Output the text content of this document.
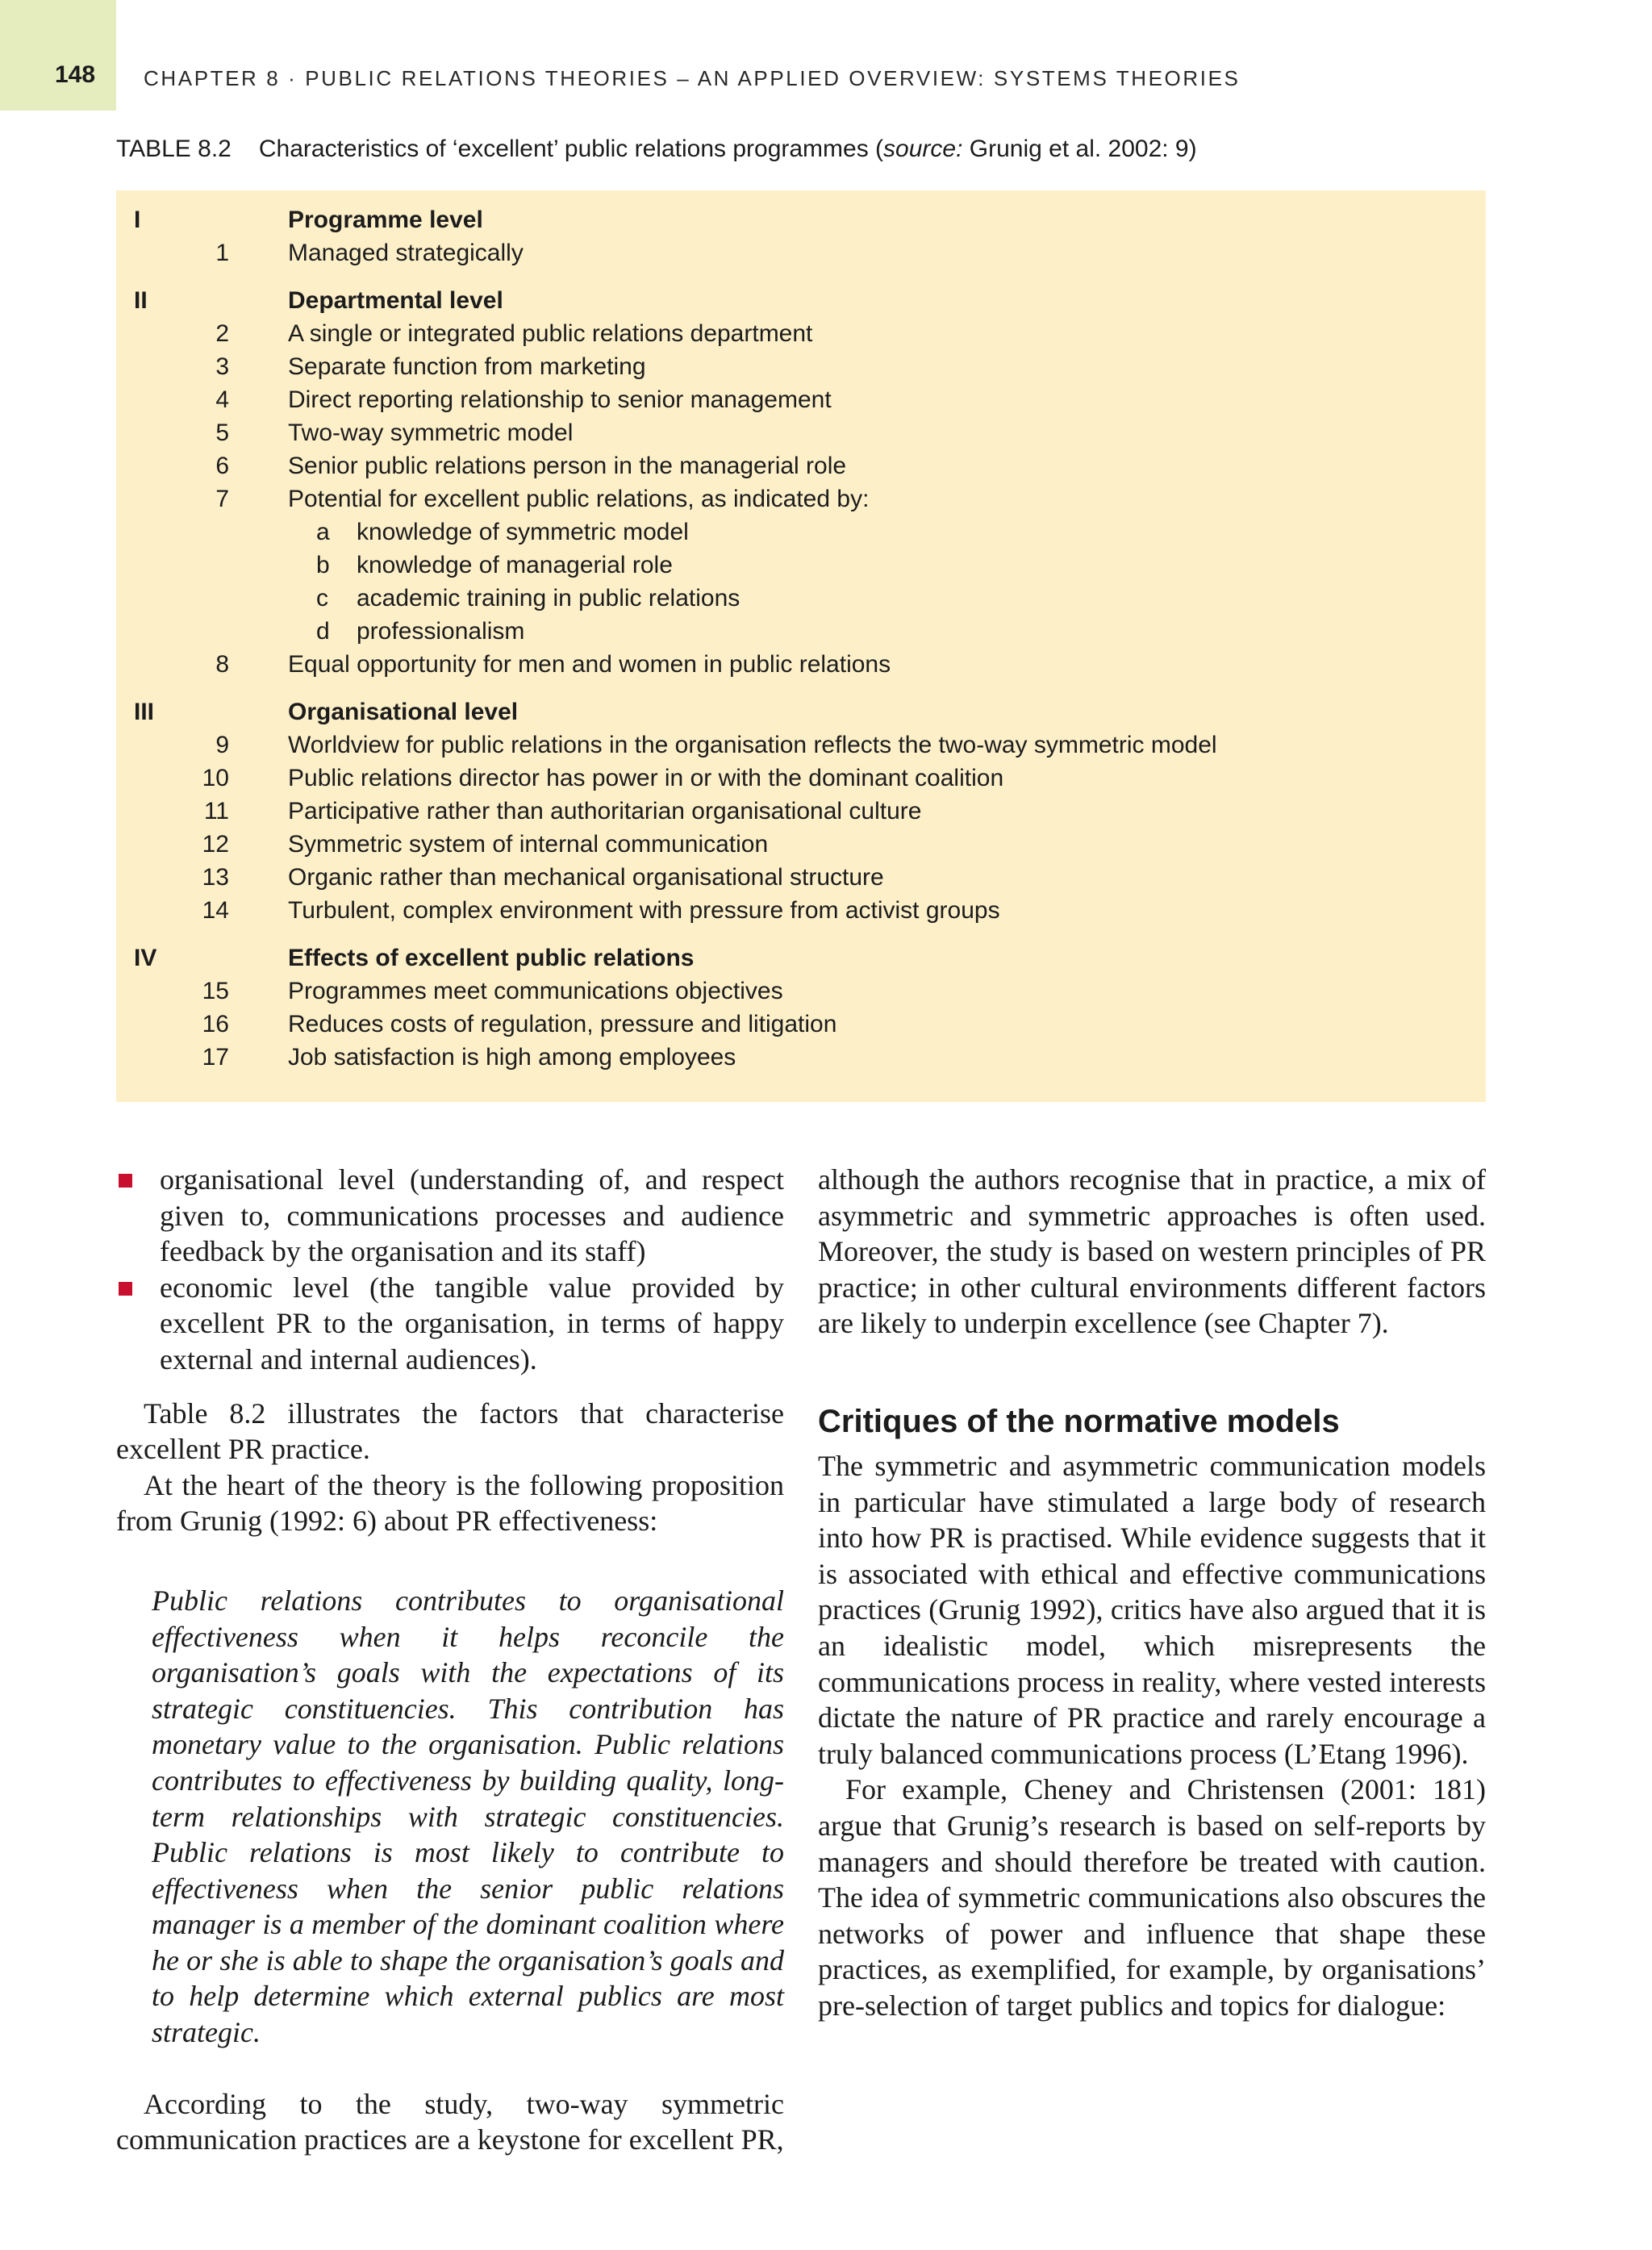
148 CHAPTER 8 · PUBLIC RELATIONS THEORIES – AN APPLIED OVERVIEW: SYSTEMS THEORIES
TABLE 8.2 Characteristics of ‘excellent’ public relations programmes (source: Grunig et al. 2002: 9)
I	Programme level
1 Managed strategically
II	Departmental level
2 A single or integrated public relations department
3 Separate function from marketing
4 Direct reporting relationship to senior management
5 Two-way symmetric model
6 Senior public relations person in the managerial role
7 Potential for excellent public relations, as indicated by:
a knowledge of symmetric model
b knowledge of managerial role
c academic training in public relations
d professionalism
8 Equal opportunity for men and women in public relations
III	Organisational level
9 Worldview for public relations in the organisation reflects the two-way symmetric model
10 Public relations director has power in or with the dominant coalition
11 Participative rather than authoritarian organisational culture
12 Symmetric system of internal communication
13 Organic rather than mechanical organisational structure
14 Turbulent, complex environment with pressure from activist groups
IV	Effects of excellent public relations
15 Programmes meet communications objectives
16 Reduces costs of regulation, pressure and litigation
17 Job satisfaction is high among employees
organisational level (understanding of, and respect given to, communications processes and audience feedback by the organisation and its staff)
economic level (the tangible value provided by excellent PR to the organisation, in terms of happy external and internal audiences).

Table 8.2 illustrates the factors that characterise excellent PR practice.

At the heart of the theory is the following proposition from Grunig (1992: 6) about PR effectiveness:

Public relations contributes to organisational effectiveness when it helps reconcile the organisation’s goals with the expectations of its strategic constituencies. This contribution has monetary value to the organisation. Public relations contributes to effectiveness by building quality, long-term relationships with strategic constituencies. Public relations is most likely to contribute to effectiveness when the senior public relations manager is a member of the dominant coalition where he or she is able to shape the organisation’s goals and to help determine which external publics are most strategic.

According to the study, two-way symmetric communication practices are a keystone for excellent PR,

although the authors recognise that in practice, a mix of asymmetric and symmetric approaches is often used. Moreover, the study is based on western principles of PR practice; in other cultural environments different factors are likely to underpin excellence (see Chapter 7).

Critiques of the normative models

The symmetric and asymmetric communication models in particular have stimulated a large body of research into how PR is practised. While evidence suggests that it is associated with ethical and effective communications practices (Grunig 1992), critics have also argued that it is an idealistic model, which misrepresents the communications process in reality, where vested interests dictate the nature of PR practice and rarely encourage a truly balanced communications process (L’Etang 1996).

For example, Cheney and Christensen (2001: 181) argue that Grunig’s research is based on self-reports by managers and should therefore be treated with caution. The idea of symmetric communications also obscures the networks of power and influence that shape these practices, as exemplified, for example, by organisations’ pre-selection of target publics and topics for dialogue:
